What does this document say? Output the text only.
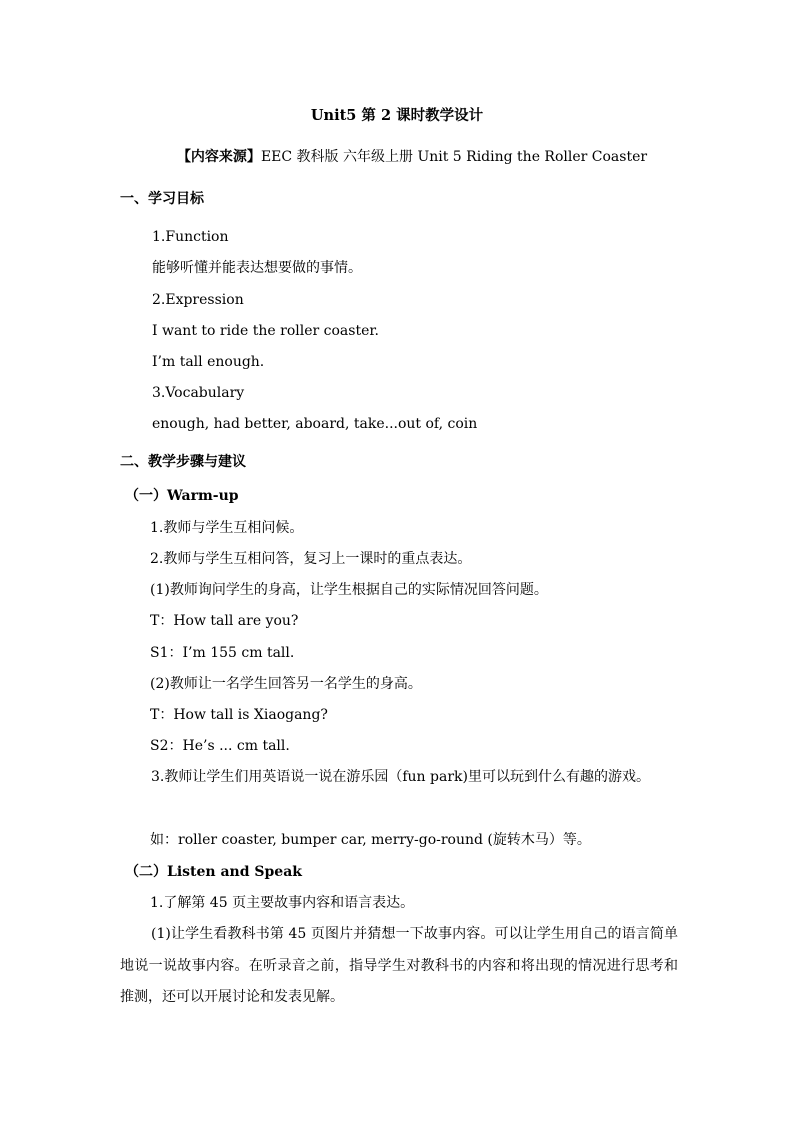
Unit5 第 2 课时教学设计
【内容来源】EEC 教科版 六年级上册 Unit 5 Riding the Roller Coaster
一、学习目标
1.Function
能够听懂并能表达想要做的事情。
2.Expression
I want to ride the roller coaster.
I’m tall enough.
3.Vocabulary
enough, had better, aboard, take...out of, coin
二、教学步骤与建议
（一）Warm-up
1.教师与学生互相问候。
2.教师与学生互相问答，复习上一课时的重点表达。
(1)教师询问学生的身高，让学生根据自己的实际情况回答问题。
T：How tall are you?
S1：I’m 155 cm tall.
(2)教师让一名学生回答另一名学生的身高。
T：How tall is Xiaogang?
S2：He’s ... cm tall.
3.教师让学生们用英语说一说在游乐园（fun park)里可以玩到什么有趣的游戏。
如：roller coaster, bumper car, merry-go-round (旋转木马）等。
（二）Listen and Speak
1.了解第 45 页主要故事内容和语言表达。
(1)让学生看教科书第 45 页图片并猜想一下故事内容。可以让学生用自己的语言简单地说一说故事内容。在听录音之前，指导学生对教科书的内容和将出现的情况进行思考和推测，还可以开展讨论和发表见解。
